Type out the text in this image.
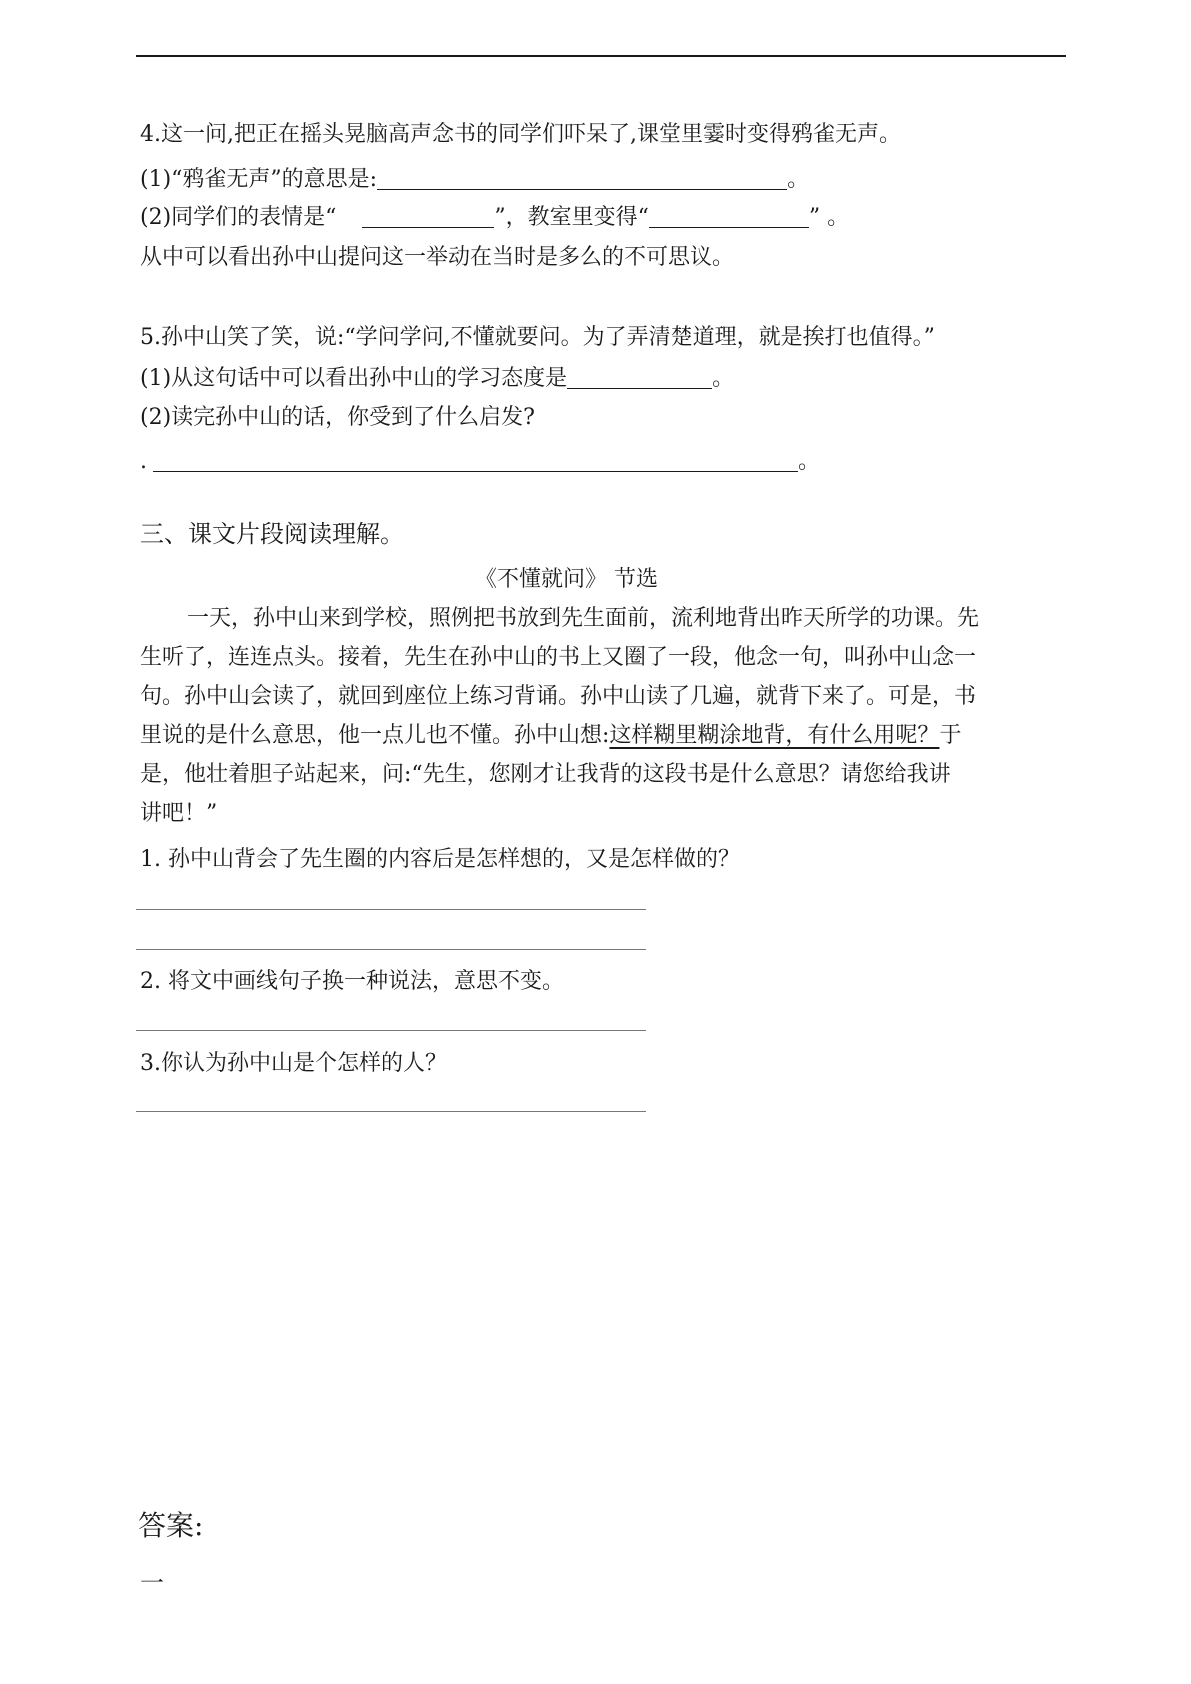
4.这一问,把正在摇头晃脑高声念书的同学们吓呆了,课堂里霎时变得鸦雀无声。
(1)“鸦雀无声”的意思是:	。
(2)同学们的表情是“	”，教室里变得“	” 。
从中可以看出孙中山提问这一举动在当时是多么的不可思议。
5.孙中山笑了笑，说:“学问学问,不懂就要问。为了弄清楚道理，就是挨打也值得。”
(1)从这句话中可以看出孙中山的学习态度是	。
(2)读完孙中山的话，你受到了什么启发?
.	。
三、课文片段阅读理解。
《不懂就问》 节选
一天，孙中山来到学校，照例把书放到先生面前，流利地背出昨天所学的功课。先
生听了，连连点头。接着，先生在孙中山的书上又圈了一段，他念一句，叫孙中山念一
句。孙中山会读了，就回到座位上练习背诵。孙中山读了几遍，就背下来了。可是，书
里说的是什么意思，他一点儿也不懂。孙中山想:这样糊里糊涂地背，有什么用呢？于
是，他壮着胆子站起来，问:“先生，您刚才让我背的这段书是什么意思？请您给我讲
讲吧！”
1. 孙中山背会了先生圈的内容后是怎样想的，又是怎样做的？
2. 将文中画线句子换一种说法，意思不变。
3.你认为孙中山是个怎样的人？
答案:
一
